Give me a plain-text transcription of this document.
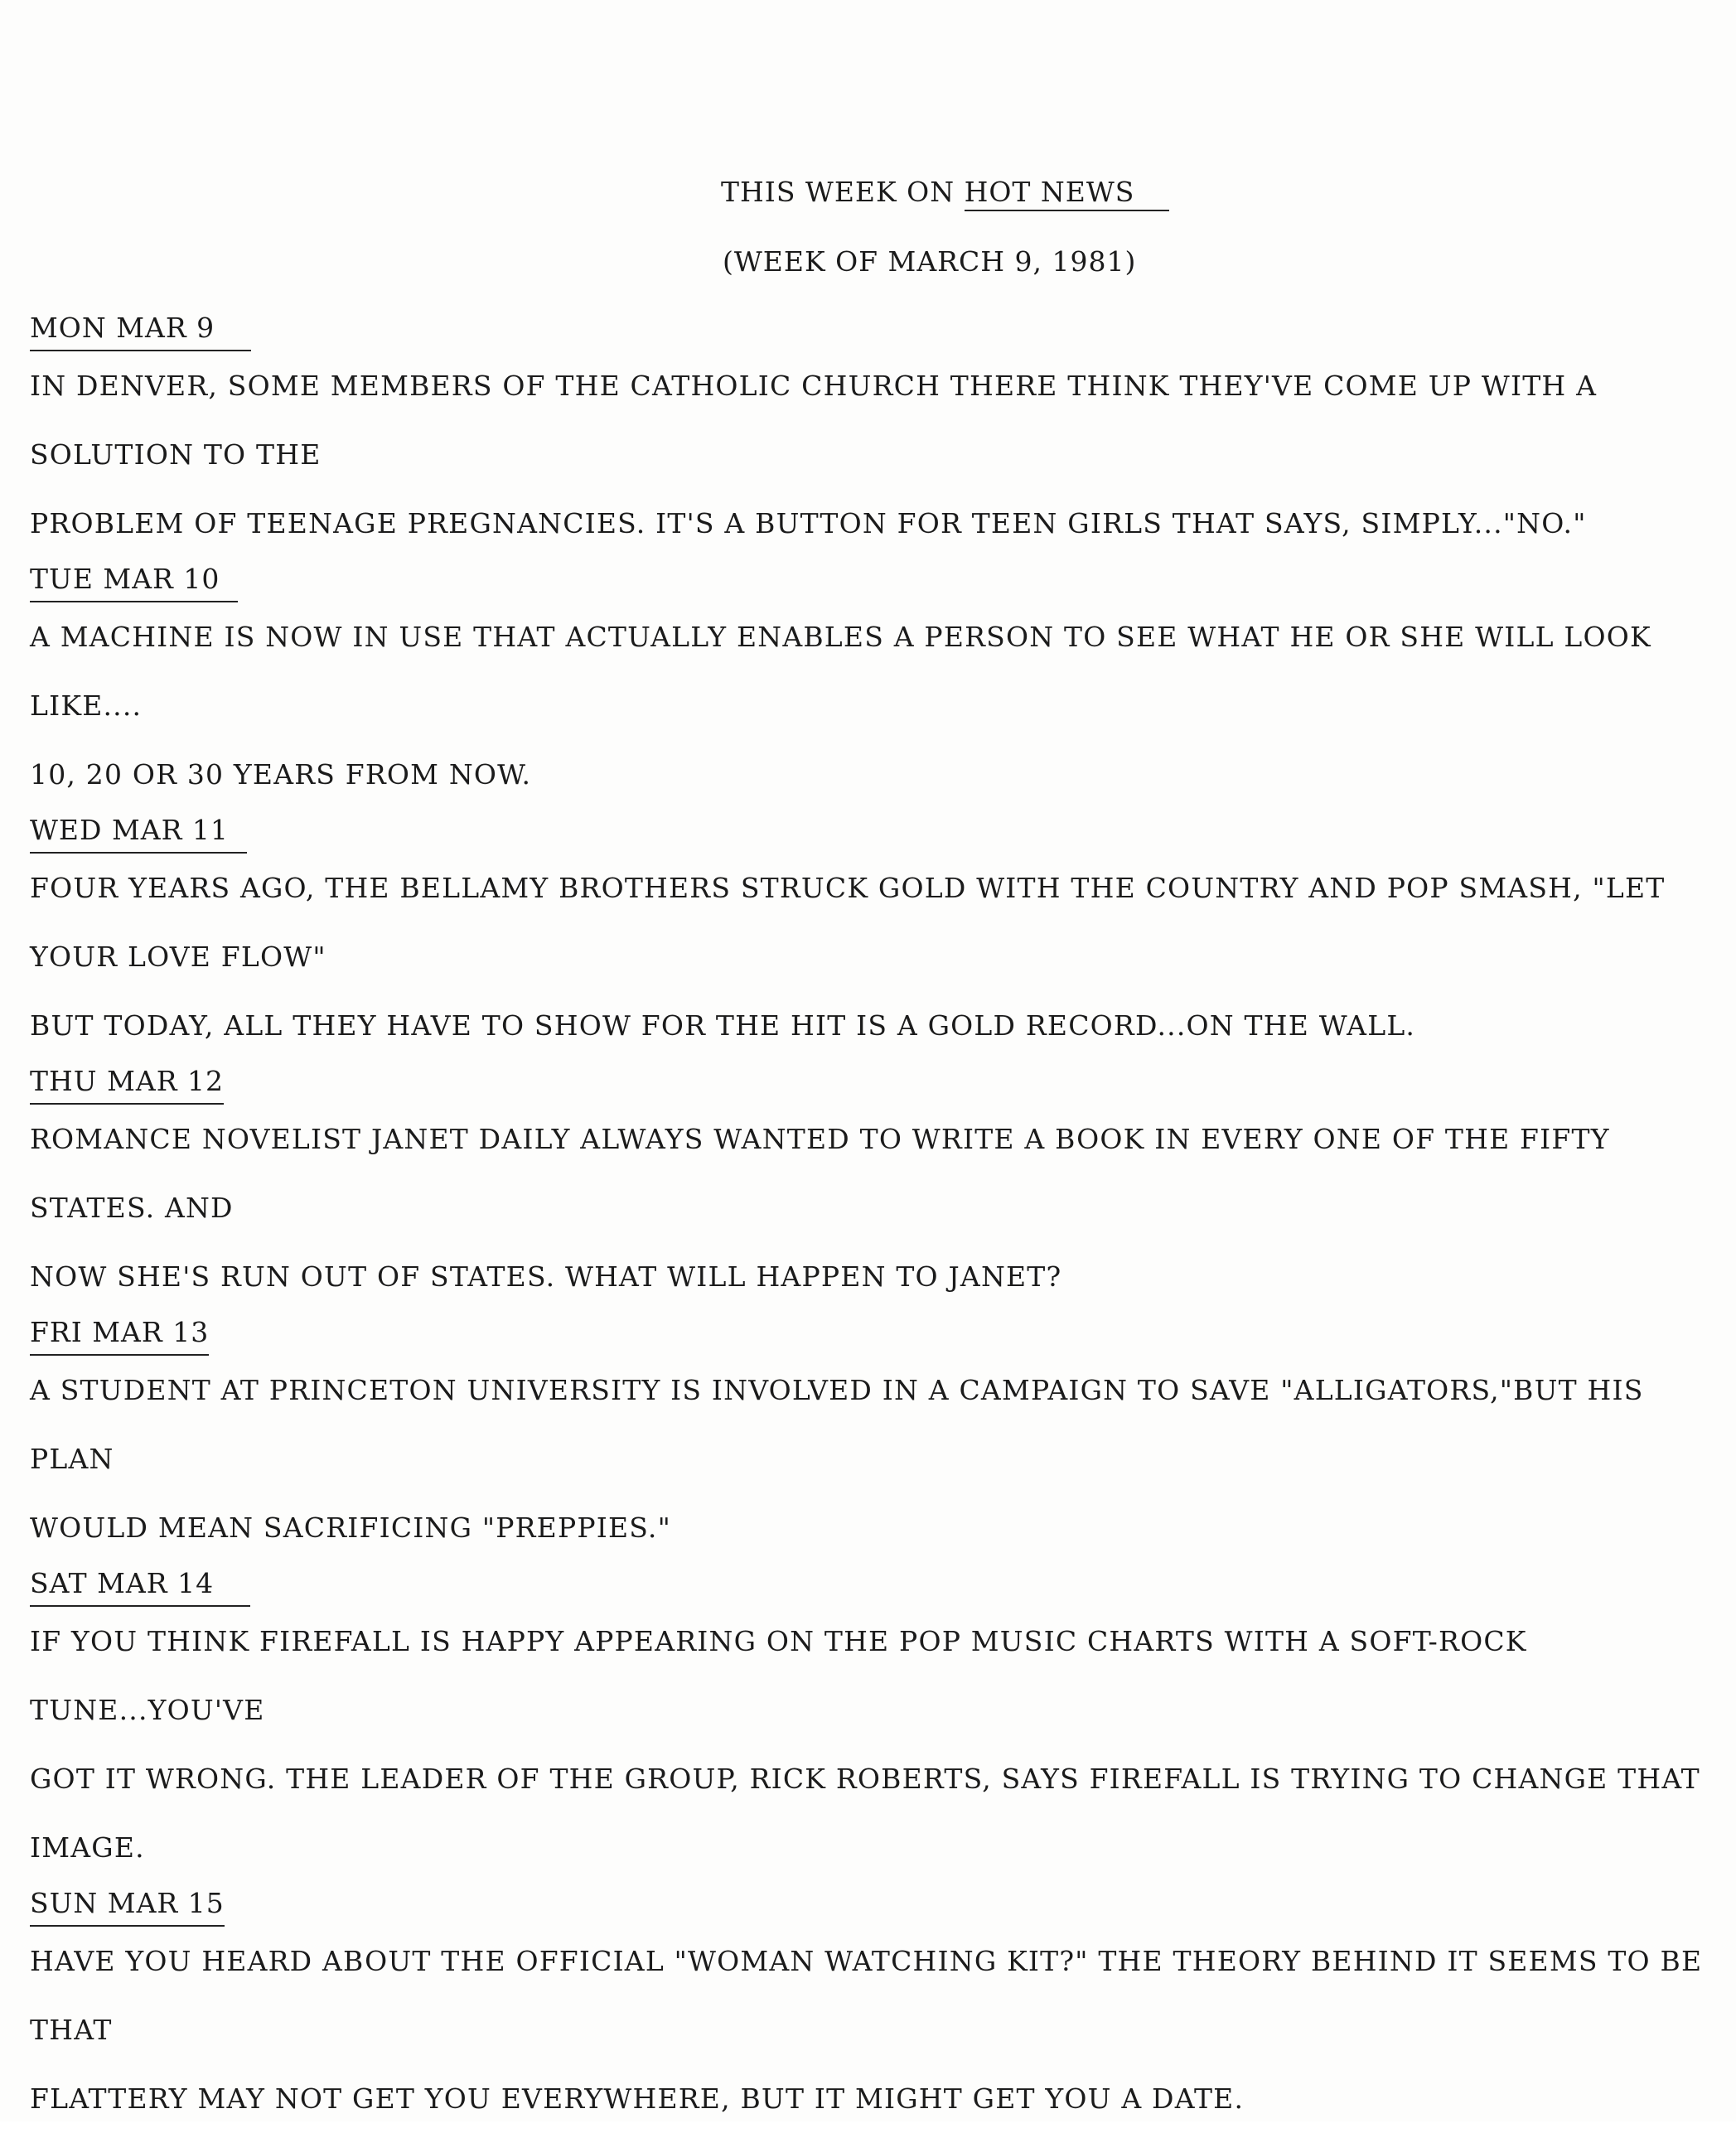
THIS WEEK ON HOT NEWS
(WEEK OF MARCH 9, 1981)
MON MAR 9

IN DENVER, SOME MEMBERS OF THE CATHOLIC CHURCH THERE THINK THEY'VE COME UP WITH A SOLUTION TO THE

PROBLEM OF TEENAGE PREGNANCIES. IT'S A BUTTON FOR TEEN GIRLS THAT SAYS, SIMPLY..."NO."

TUE MAR 10

A MACHINE IS NOW IN USE THAT ACTUALLY ENABLES A PERSON TO SEE WHAT HE OR SHE WILL LOOK LIKE....

10, 20 OR 30 YEARS FROM NOW.

WED MAR 11

FOUR YEARS AGO, THE BELLAMY BROTHERS STRUCK GOLD WITH THE COUNTRY AND POP SMASH, "LET YOUR LOVE FLOW"

BUT TODAY, ALL THEY HAVE TO SHOW FOR THE HIT IS A GOLD RECORD...ON THE WALL.

THU MAR 12

ROMANCE NOVELIST JANET DAILY ALWAYS WANTED TO WRITE A BOOK IN EVERY ONE OF THE FIFTY STATES. AND

NOW SHE'S RUN OUT OF STATES. WHAT WILL HAPPEN TO JANET?

FRI MAR 13

A STUDENT AT PRINCETON UNIVERSITY IS INVOLVED IN A CAMPAIGN TO SAVE "ALLIGATORS,"BUT HIS PLAN

WOULD MEAN SACRIFICING "PREPPIES."

SAT MAR 14

IF YOU THINK FIREFALL IS HAPPY APPEARING ON THE POP MUSIC CHARTS WITH A SOFT-ROCK TUNE...YOU'VE

GOT IT WRONG. THE LEADER OF THE GROUP, RICK ROBERTS, SAYS FIREFALL IS TRYING TO CHANGE THAT IMAGE.

SUN MAR 15

HAVE YOU HEARD ABOUT THE OFFICIAL "WOMAN WATCHING KIT?" THE THEORY BEHIND IT SEEMS TO BE THAT

FLATTERY MAY NOT GET YOU EVERYWHERE, BUT IT MIGHT GET YOU A DATE.
